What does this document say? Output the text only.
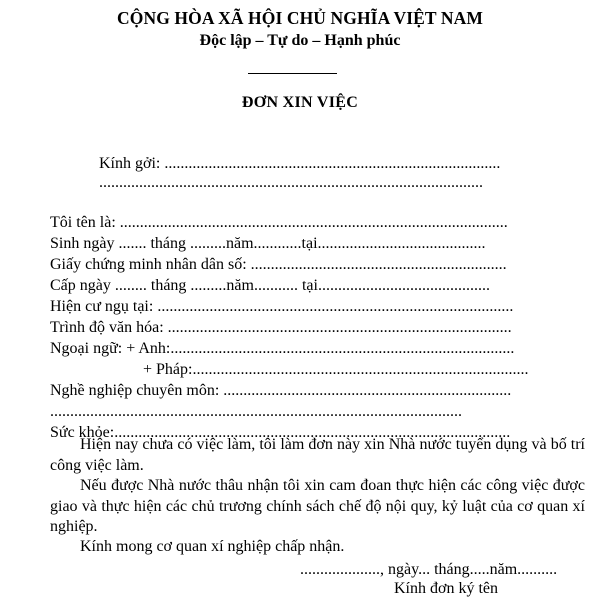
CỘNG HÒA XÃ HỘI CHỦ NGHĨA VIỆT NAM
Độc lập – Tự do – Hạnh phúc
ĐƠN XIN VIỆC
Kính gởi: ....................................................................................
................................................................................................
Tôi tên là: .................................................................................................
Sinh ngày ....... tháng .........năm............tại..........................................
Giấy chứng minh nhân dân số: ................................................................
Cấp ngày ........ tháng .........năm........... tại...........................................
Hiện cư ngụ tại: .........................................................................................
Trình độ văn hóa: ......................................................................................
Ngoại ngữ: + Anh:......................................................................................
+ Pháp:....................................................................................
Nghề nghiệp chuyên môn: ........................................................................
.......................................................................................................
Sức khỏe:...................................................................................................
Hiện nay chưa có việc làm, tôi làm đơn này xin Nhà nước tuyển dụng và bố trí công việc làm.
Nếu được Nhà nước thâu nhận tôi xin cam đoan thực hiện các công việc được giao và thực hiện các chủ trương chính sách chế độ nội quy, kỷ luật của cơ quan xí nghiệp.
Kính mong cơ quan xí nghiệp chấp nhận.
...................., ngày... tháng.....năm..........
Kính đơn ký tên
